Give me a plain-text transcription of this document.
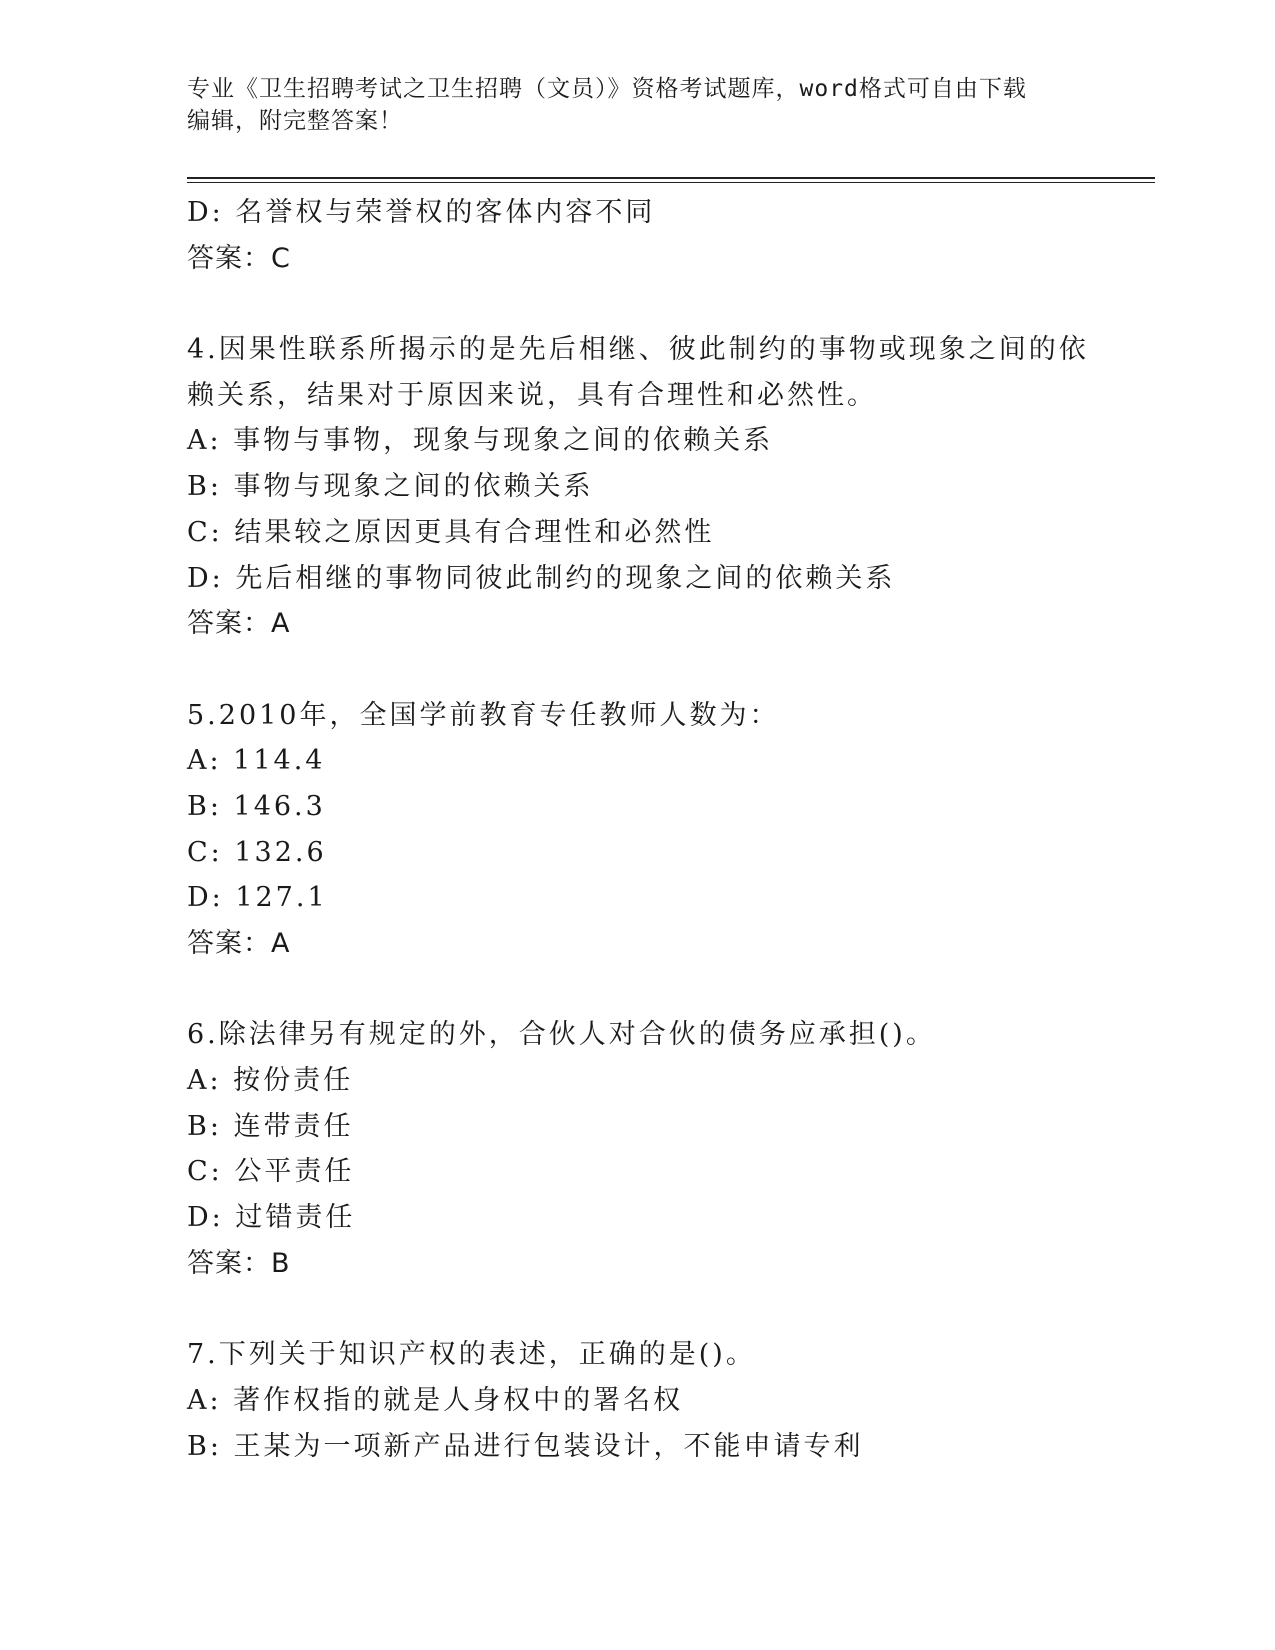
专业《卫生招聘考试之卫生招聘（文员）》资格考试题库，word格式可自由下载
编辑，附完整答案！
D: 名誉权与荣誉权的客体内容不同
答案：C
4.因果性联系所揭示的是先后相继、彼此制约的事物或现象之间的依
赖关系，结果对于原因来说，具有合理性和必然性。
A: 事物与事物，现象与现象之间的依赖关系
B: 事物与现象之间的依赖关系
C: 结果较之原因更具有合理性和必然性
D: 先后相继的事物同彼此制约的现象之间的依赖关系
答案：A
5.2010年，全国学前教育专任教师人数为：
A: 114.4
B: 146.3
C: 132.6
D: 127.1
答案：A
6.除法律另有规定的外，合伙人对合伙的债务应承担()。
A: 按份责任
B: 连带责任
C: 公平责任
D: 过错责任
答案：B
7.下列关于知识产权的表述，正确的是()。
A: 著作权指的就是人身权中的署名权
B: 王某为一项新产品进行包装设计，不能申请专利
